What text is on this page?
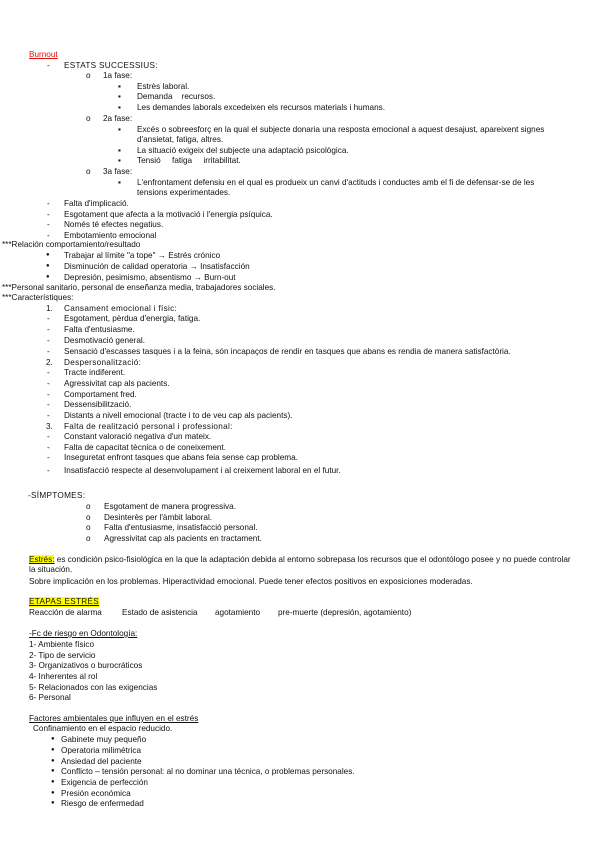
Burnout
- ESTATS SUCCESSIUS:
o 1a fase:
▪ Estrès laboral.
▪ Demanda    recursos.
▪ Les demandes laborals excedeixen els recursos materials i humans.
o 2a fase:
▪ Excés o sobreesforç en la qual el subjecte donaria una resposta emocional a aquest desajust, apareixent signes d'ansietat, fatiga, altres.
▪ La situació exigeix del subjecte una adaptació psicològica.
▪ Tensió     fatiga     irritabilitat.
o 3a fase:
▪ L'enfrontament defensiu en el qual es produeix un canvi d'actituds i conductes amb el fi de defensar-se de les tensions experimentades.
- Falta d'implicació.
- Esgotament que afecta a la motivació i l'energia psíquica.
- Només té efectes negatius.
- Embotamiento emocional
***Relación comportamiento/resultado
● Trabajar al límite "a tope" → Estrés crónico
● Disminución de calidad operatoria → Insatisfacción
● Depresión, pesimismo, absentismo → Burn-out
***Personal sanitario, personal de enseñanza media, trabajadores sociales.
***Característiques:
1. Cansament emocional i físic:
- Esgotament, pèrdua d'energia, fatiga.
- Falta d'entusiasme.
- Desmotivació general.
- Sensació d'escasses tasques i a la feina, són incapaços de rendir en tasques que abans es rendia de manera satisfactòria.
2. Despersonalització:
- Tracte indiferent.
- Agressivitat cap als pacients.
- Comportament fred.
- Dessensibilització.
- Distants a nivell emocional (tracte i to de veu cap als pacients).
3. Falta de realització personal i professional:
- Constant valoració negativa d'un mateix.
- Falta de capacitat tècnica o de coneixement.
- Inseguretat enfront tasques que abans feia sense cap problema.
- Insatisfacció respecte al desenvolupament i al creixement laboral en el futur.
-SÍMPTOMES:
o Esgotament de manera progressiva.
o Desinterès per l'àmbit laboral.
o Falta d'entusiasme, insatisfacció personal.
o Agressivitat cap als pacients en tractament.
Estrés: es condición psico-fisiológica en la que la adaptación debida al entorno sobrepasa los recursos que el odontólogo posee y no puede controlar la situación.
Sobre implicación en los problemas. Hiperactividad emocional. Puede tener efectos positivos en exposiciones moderadas.
ETAPAS ESTRÉS
Reacción de alarma Estado de asistencia agotamiento pre-muerte (depresión, agotamiento)
-Fc de riesgo en Odontología:
1- Ambiente físico
2- Tipo de servicio
3- Organizativos o burocráticos
4- Inherentes al rol
5- Relacionados con las exigencias
6- Personal
Factores ambientales que influyen en el estrés
Confinamiento en el espacio reducido.
● Gabinete muy pequeño
● Operatoria milimétrica
● Ansiedad del paciente
● Conflicto – tensión personal: al no dominar una técnica, o problemas personales.
● Exigencia de perfección
● Presión económica
● Riesgo de enfermedad
